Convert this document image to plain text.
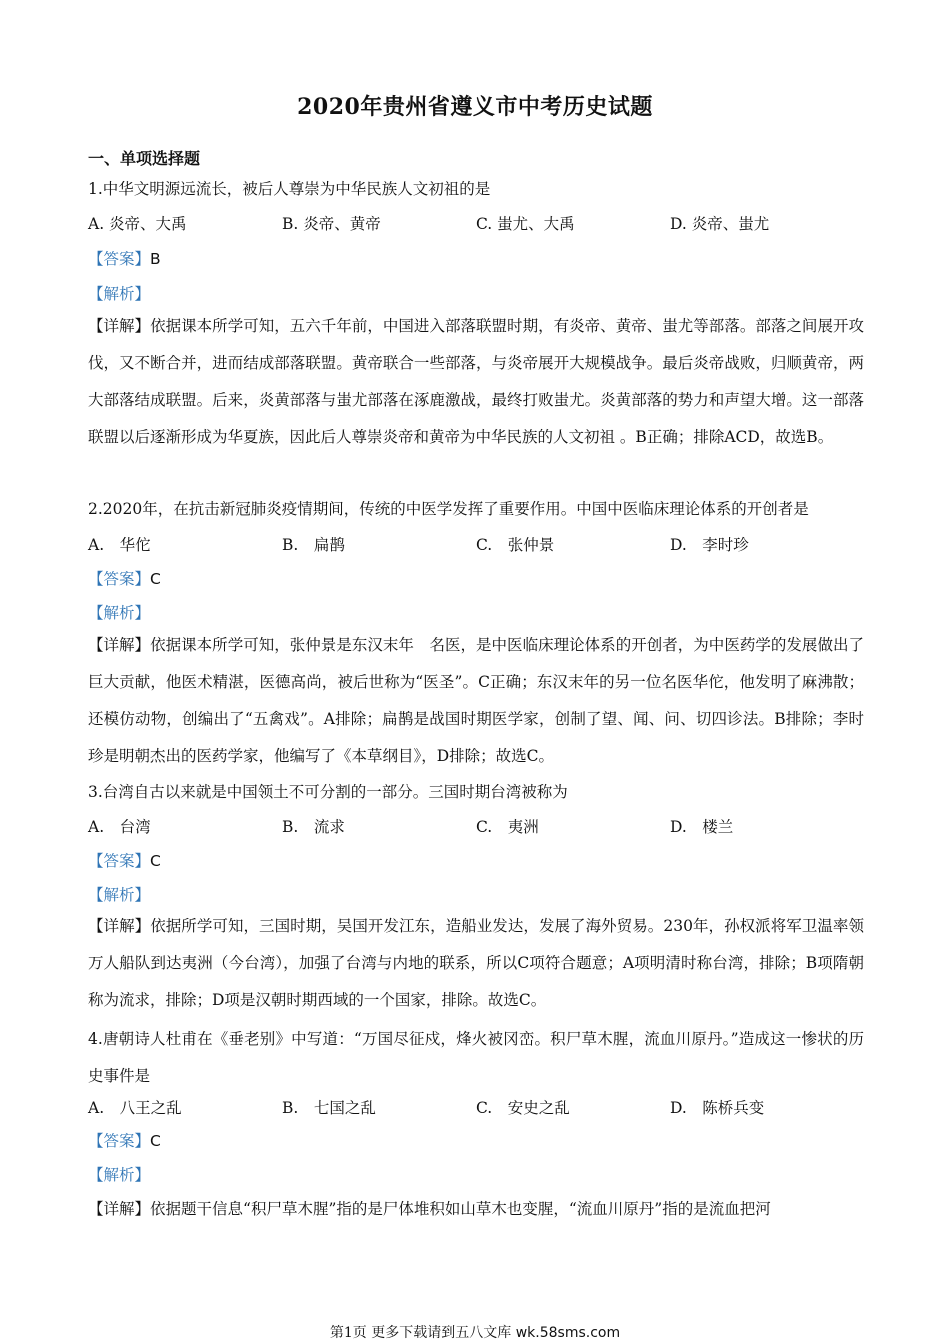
2020年贵州省遵义市中考历史试题
一、单项选择题
1.中华文明源远流长，被后人尊崇为中华民族人文初祖的是
A. 炎帝、大禹	B. 炎帝、黄帝	C. 蚩尤、大禹	D. 炎帝、蚩尤
【答案】B
【解析】
【详解】依据课本所学可知，五六千年前，中国进入部落联盟时期，有炎帝、黄帝、蚩尤等部落。部落之间展开攻伐，又不断合并，进而结成部落联盟。黄帝联合一些部落，与炎帝展开大规模战争。最后炎帝战败，归顺黄帝，两大部落结成联盟。后来，炎黄部落与蚩尤部落在涿鹿激战，最终打败蚩尤。炎黄部落的势力和声望大增。这一部落联盟以后逐渐形成为华夏族，因此后人尊崇炎帝和黄帝为中华民族的人文初祖 。B正确；排除ACD，故选B。
2.2020年，在抗击新冠肺炎疫情期间，传统的中医学发挥了重要作用。中国中医临床理论体系的开创者是
A.　华佗	B.　扁鹊	C.　张仲景	D.　李时珍
【答案】C
【解析】
【详解】依据课本所学可知，张仲景是东汉末年　名医，是中医临床理论体系的开创者，为中医药学的发展做出了巨大贡献，他医术精湛，医德高尚，被后世称为“医圣”。C正确；东汉末年的另一位名医华佗，他发明了麻沸散；还模仿动物，创编出了“五禽戏”。A排除；扁鹊是战国时期医学家，创制了望、闻、问、切四诊法。B排除；李时珍是明朝杰出的医药学家，他编写了《本草纲目》，D排除；故选C。
3.台湾自古以来就是中国领土不可分割的一部分。三国时期台湾被称为
A.　台湾	B.　流求	C.　夷洲	D.　楼兰
【答案】C
【解析】
【详解】依据所学可知，三国时期，吴国开发江东，造船业发达，发展了海外贸易。230年，孙权派将军卫温率领万人船队到达夷洲（今台湾），加强了台湾与内地的联系，所以C项符合题意；A项明清时称台湾，排除；B项隋朝称为流求，排除；D项是汉朝时期西域的一个国家，排除。故选C。
4.唐朝诗人杜甫在《垂老别》中写道：“万国尽征戍，烽火被冈峦。积尸草木腥，流血川原丹。”造成这一惨状的历史事件是
A.　八王之乱	B.　七国之乱	C.　安史之乱	D.　陈桥兵变
【答案】C
【解析】
【详解】依据题干信息“积尸草木腥”指的是尸体堆积如山草木也变腥，“流血川原丹”指的是流血把河
第1页 更多下载请到五八文库 wk.58sms.com
